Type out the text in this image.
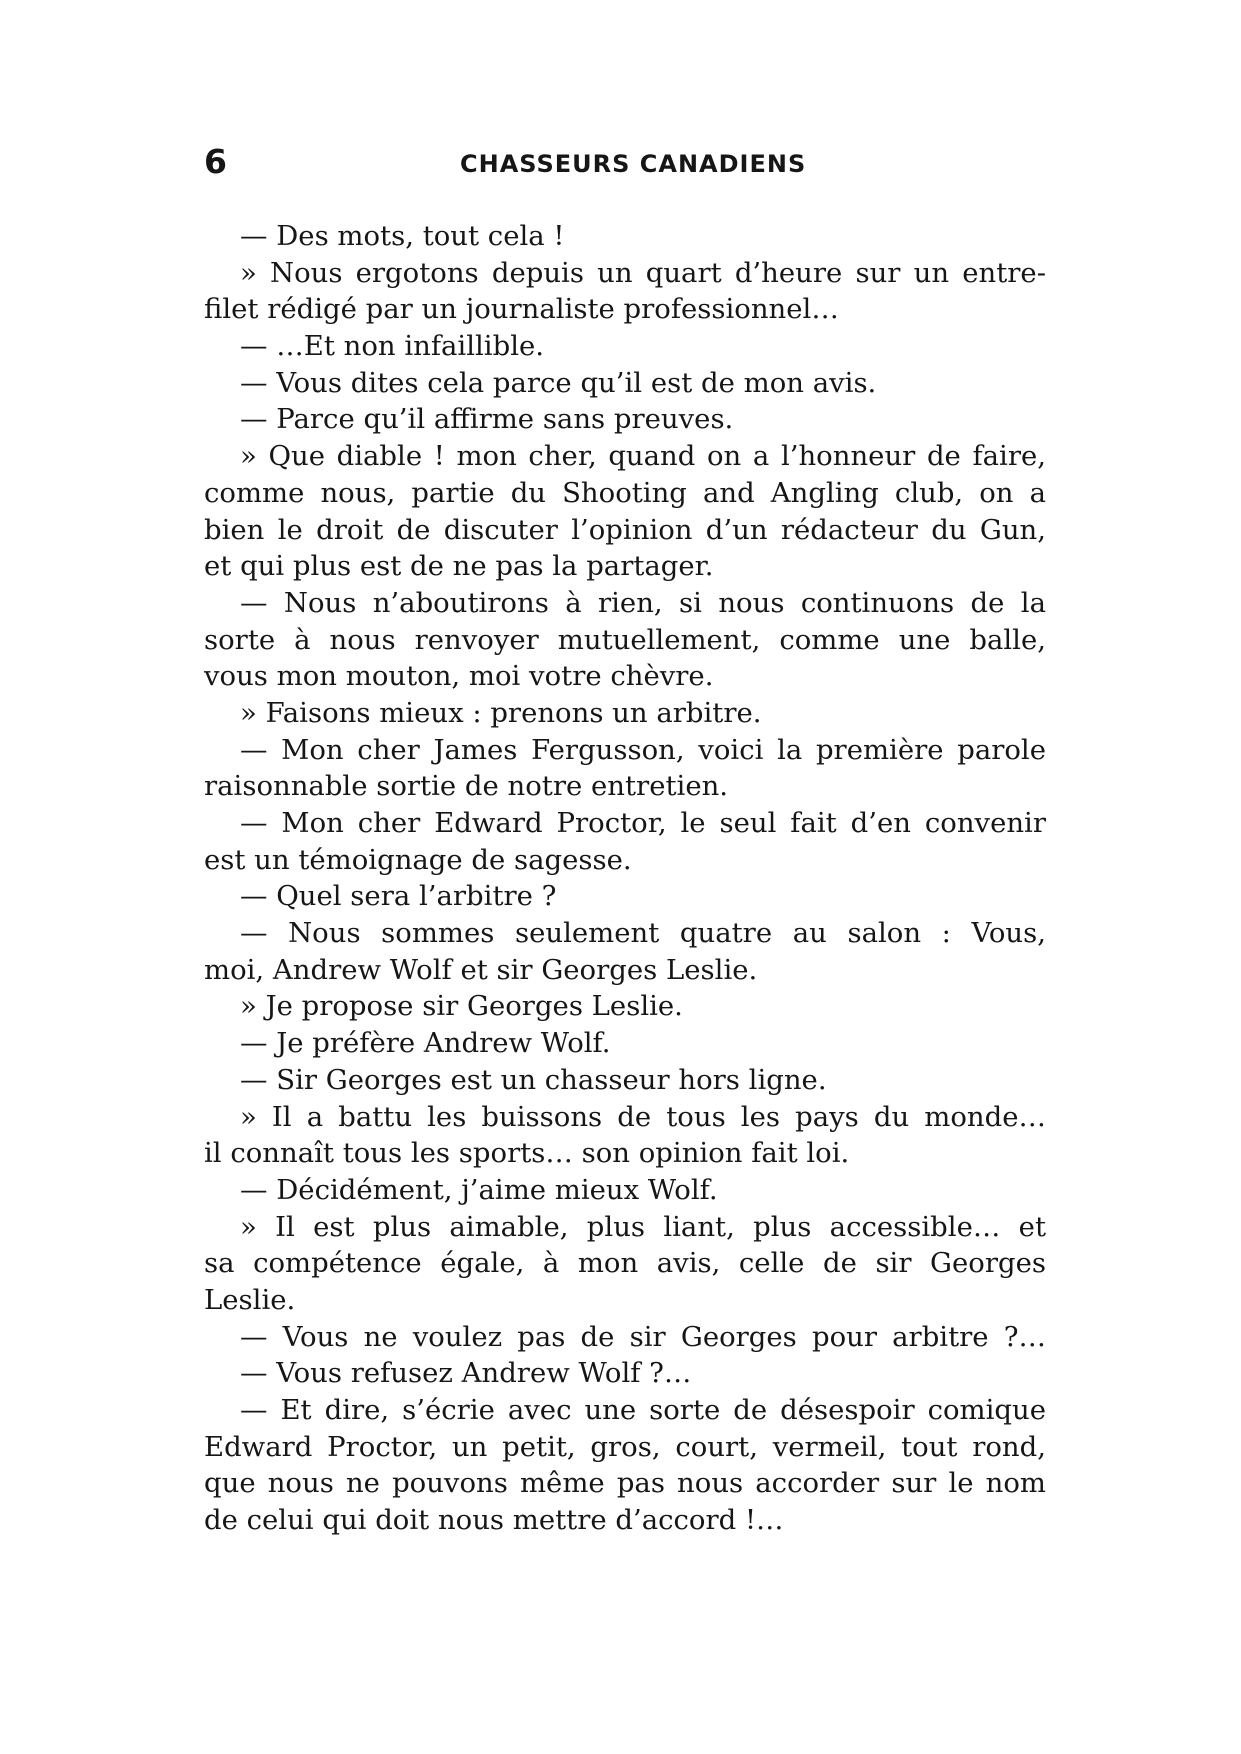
6	CHASSEURS CANADIENS
— Des mots, tout cela !
» Nous ergotons depuis un quart d’heure sur un entre-
filet rédigé par un journaliste professionnel…
— …Et non infaillible.
— Vous dites cela parce qu’il est de mon avis.
— Parce qu’il affirme sans preuves.
» Que diable ! mon cher, quand on a l’honneur de faire,
comme nous, partie du Shooting and Angling club, on a
bien le droit de discuter l’opinion d’un rédacteur du Gun,
et qui plus est de ne pas la partager.
— Nous n’aboutirons à rien, si nous continuons de la
sorte à nous renvoyer mutuellement, comme une balle,
vous mon mouton, moi votre chèvre.
» Faisons mieux : prenons un arbitre.
— Mon cher James Fergusson, voici la première parole
raisonnable sortie de notre entretien.
— Mon cher Edward Proctor, le seul fait d’en convenir
est un témoignage de sagesse.
— Quel sera l’arbitre ?
— Nous sommes seulement quatre au salon : Vous,
moi, Andrew Wolf et sir Georges Leslie.
» Je propose sir Georges Leslie.
— Je préfère Andrew Wolf.
— Sir Georges est un chasseur hors ligne.
» Il a battu les buissons de tous les pays du monde…
il connaît tous les sports… son opinion fait loi.
— Décidément, j’aime mieux Wolf.
» Il est plus aimable, plus liant, plus accessible… et
sa compétence égale, à mon avis, celle de sir Georges
Leslie.
— Vous ne voulez pas de sir Georges pour arbitre ?…
— Vous refusez Andrew Wolf ?…
— Et dire, s’écrie avec une sorte de désespoir comique
Edward Proctor, un petit, gros, court, vermeil, tout rond,
que nous ne pouvons même pas nous accorder sur le nom
de celui qui doit nous mettre d’accord !…
